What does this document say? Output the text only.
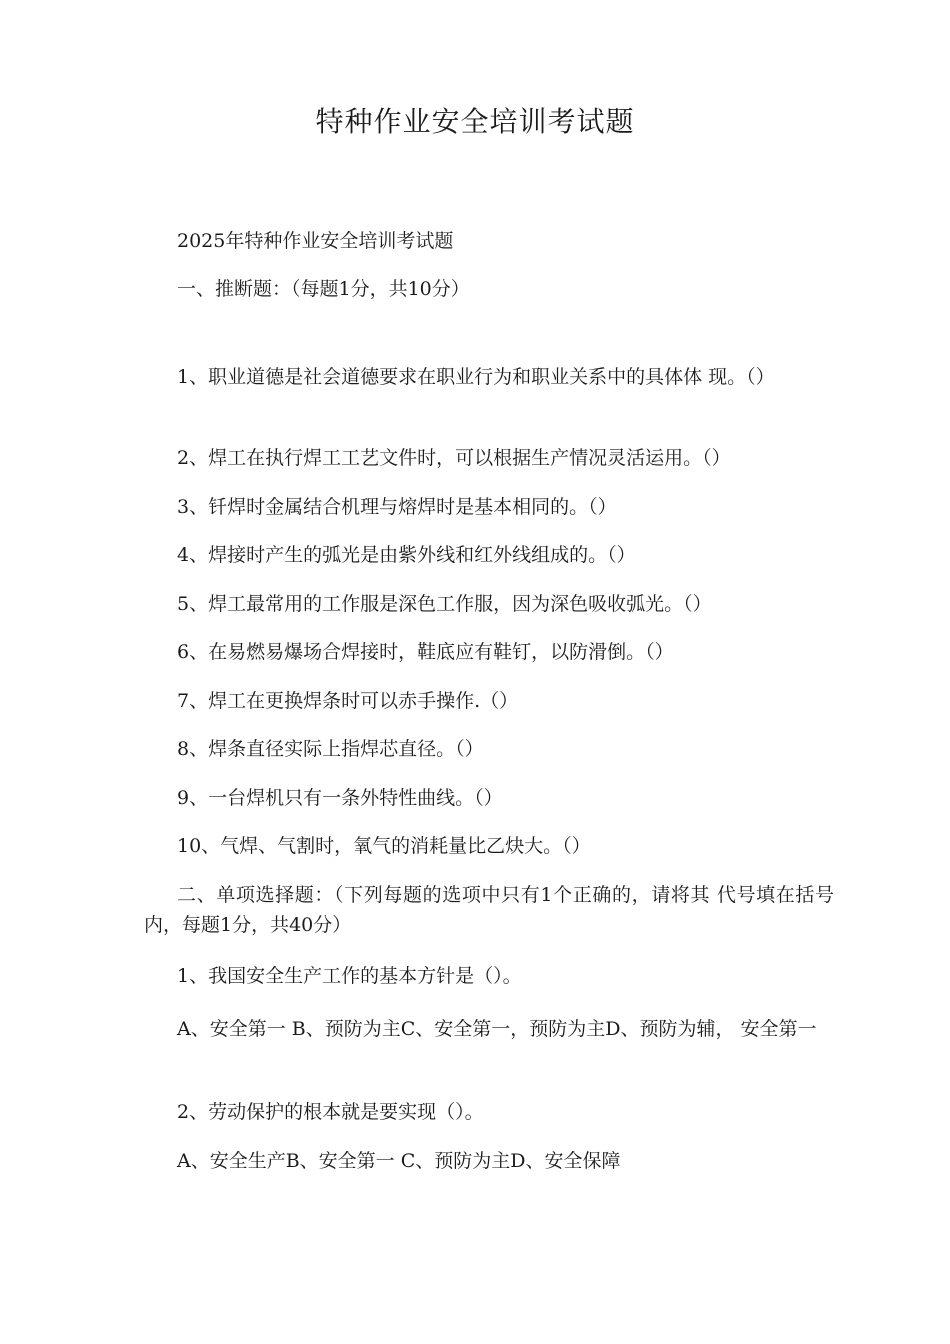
特种作业安全培训考试题
2025年特种作业安全培训考试题
一、推断题：（每题1分，共10分）
1、职业道德是社会道德要求在职业行为和职业关系中的具体体 现。（）
2、焊工在执行焊工工艺文件时，可以根据生产情况灵活运用。（）
3、钎焊时金属结合机理与熔焊时是基本相同的。（）
4、焊接时产生的弧光是由紫外线和红外线组成的。（）
5、焊工最常用的工作服是深色工作服，因为深色吸收弧光。（）
6、在易燃易爆场合焊接时，鞋底应有鞋钉，以防滑倒。（）
7、焊工在更换焊条时可以赤手操作.（）
8、焊条直径实际上指焊芯直径。（）
9、一台焊机只有一条外特性曲线。（）
10、气焊、气割时，氧气的消耗量比乙炔大。（）
二、单项选择题：（下列每题的选项中只有1个正确的，请将其 代号填在括号内，每题1分，共40分）
1、我国安全生产工作的基本方针是（）。
A、安全第一 B、预防为主C、安全第一，预防为主D、预防为辅， 安全第一
2、劳动保护的根本就是要实现（）。
A、安全生产B、安全第一 C、预防为主D、安全保障
